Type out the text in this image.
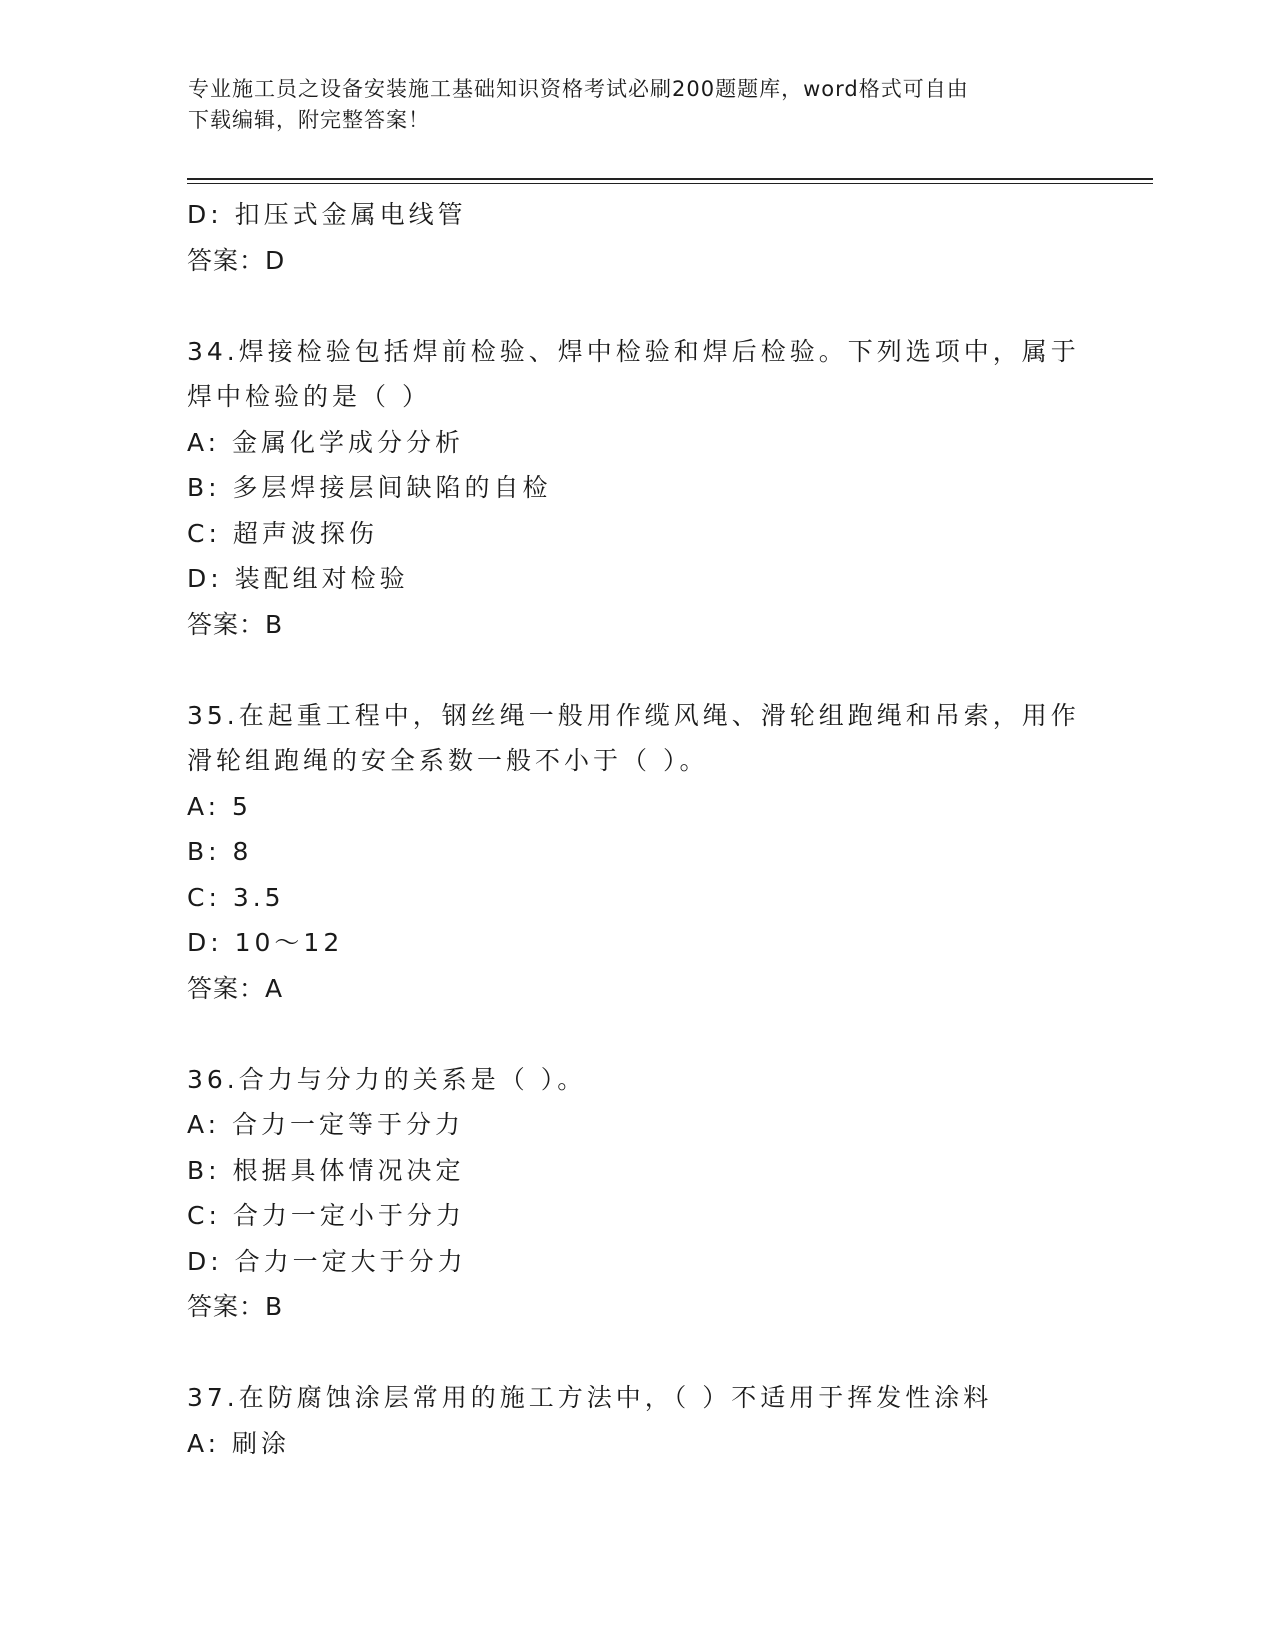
专业施工员之设备安装施工基础知识资格考试必刷200题题库，word格式可自由
下载编辑，附完整答案！
D: 扣压式金属电线管
答案：D
34.焊接检验包括焊前检验、焊中检验和焊后检验。下列选项中，属于
焊中检验的是（ ）
A: 金属化学成分分析
B: 多层焊接层间缺陷的自检
C: 超声波探伤
D: 装配组对检验
答案：B
35.在起重工程中，钢丝绳一般用作缆风绳、滑轮组跑绳和吊索，用作
滑轮组跑绳的安全系数一般不小于（ ）。
A: 5
B: 8
C: 3.5
D: 10～12
答案：A
36.合力与分力的关系是（ ）。
A: 合力一定等于分力
B: 根据具体情况决定
C: 合力一定小于分力
D: 合力一定大于分力
答案：B
37.在防腐蚀涂层常用的施工方法中，（ ）不适用于挥发性涂料
A: 刷涂
